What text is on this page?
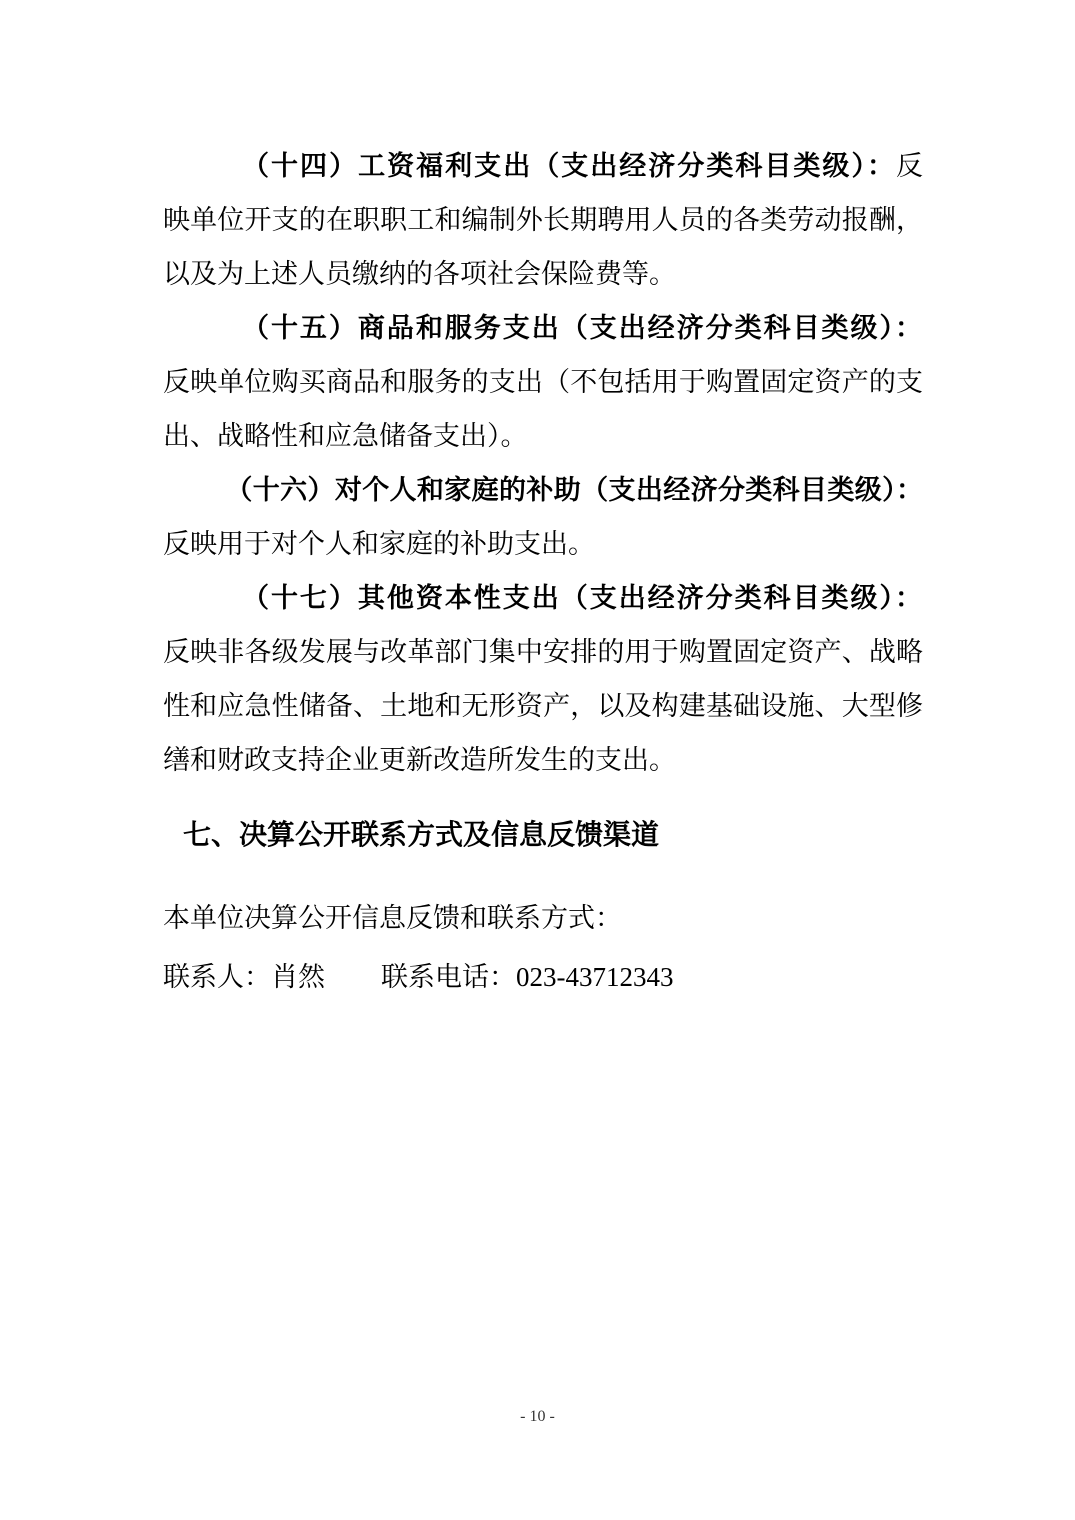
（十四）工资福利支出（支出经济分类科目类级）：反映单位开支的在职职工和编制外长期聘用人员的各类劳动报酬，以及为上述人员缴纳的各项社会保险费等。

（十五）商品和服务支出（支出经济分类科目类级）：反映单位购买商品和服务的支出（不包括用于购置固定资产的支出、战略性和应急储备支出）。

（十六）对个人和家庭的补助（支出经济分类科目类级）：反映用于对个人和家庭的补助支出。

（十七）其他资本性支出（支出经济分类科目类级）：反映非各级发展与改革部门集中安排的用于购置固定资产、战略性和应急性储备、土地和无形资产，以及构建基础设施、大型修缮和财政支持企业更新改造所发生的支出。

七、决算公开联系方式及信息反馈渠道

本单位决算公开信息反馈和联系方式：

联系人：肖然 联系电话：023-43712343

- 10 -
